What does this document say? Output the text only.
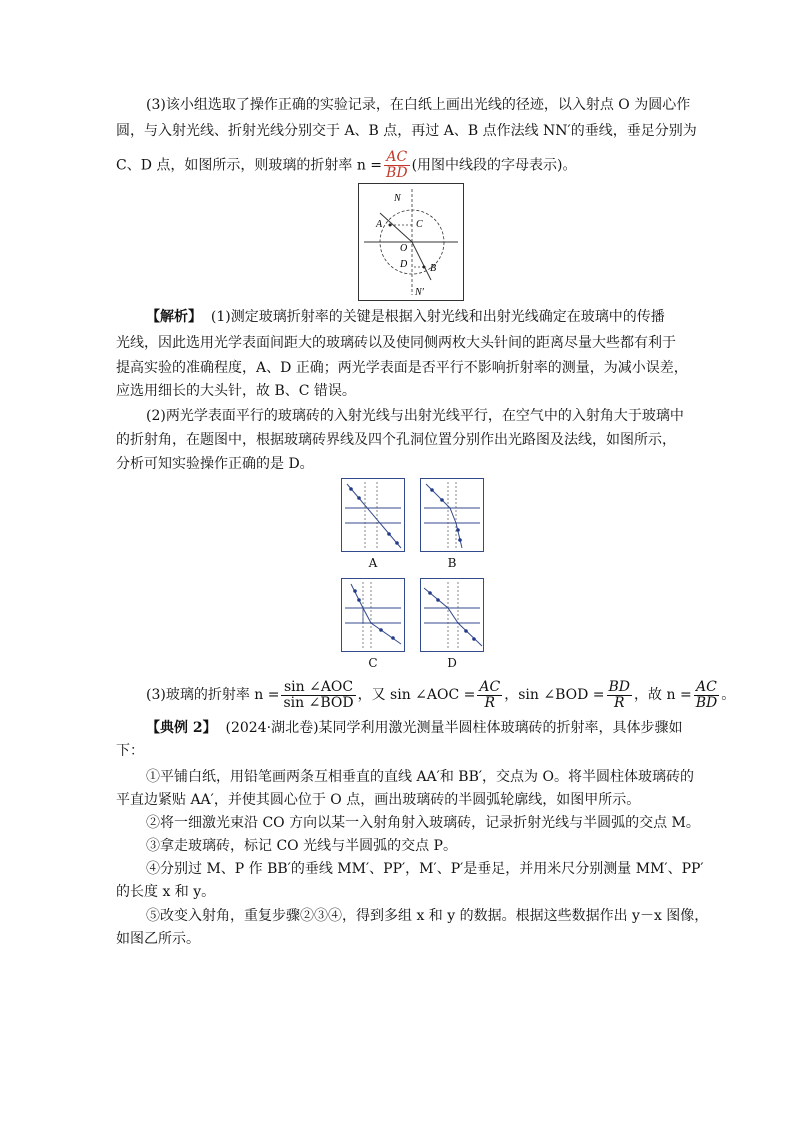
(3)该小组选取了操作正确的实验记录，在白纸上画出光线的径迹，以入射点 O 为圆心作
圆，与入射光线、折射光线分别交于 A、B 点，再过 A、B 点作法线 NN′的垂线，垂足分别为
C、D 点，如图所示，则玻璃的折射率 $n = \frac{AC}{BD}$ (用图中线段的字母表示)。
N
A	C
O
D B
N′
【解析】 (1)测定玻璃折射率的关键是根据入射光线和出射光线确定在玻璃中的传播
光线，因此选用光学表面间距大的玻璃砖以及使同侧两枚大头针间的距离尽量大些都有利于
提高实验的准确程度，A、D 正确；两光学表面是否平行不影响折射率的测量，为减小误差，
应选用细长的大头针，故 B、C 错误。
(2)两光学表面平行的玻璃砖的入射光线与出射光线平行，在空气中的入射角大于玻璃中
的折射角，在题图中，根据玻璃砖界线及四个孔洞位置分别作出光路图及法线，如图所示，
分析可知实验操作正确的是 D。
A	B
C	D
(3)玻璃的折射率 $n = \frac{\text{sin ∠AOC}}{\text{sin ∠BOD}}$ ，又 sin ∠AOC = $\frac{AC}{R}$ ，sin ∠BOD = $\frac{BD}{R}$ ，故 $n = \frac{AC}{BD}$ 。
【典例 2】 (2024·湖北卷)某同学利用激光测量半圆柱体玻璃砖的折射率，具体步骤如
下：
①平铺白纸，用铅笔画两条互相垂直的直线 AA′和 BB′，交点为 O。将半圆柱体玻璃砖的
平直边紧贴 AA′，并使其圆心位于 O 点，画出玻璃砖的半圆弧轮廓线，如图甲所示。
②将一细激光束沿 CO 方向以某一入射角射入玻璃砖，记录折射光线与半圆弧的交点 M。
③拿走玻璃砖，标记 CO 光线与半圆弧的交点 P。
④分别过 M、P 作 BB′的垂线 MM′、PP′，M′、P′是垂足，并用米尺分别测量 MM′、PP′
的长度 x 和 y。
⑤改变入射角，重复步骤②③④，得到多组 x 和 y 的数据。根据这些数据作出 y－x 图像，
如图乙所示。
